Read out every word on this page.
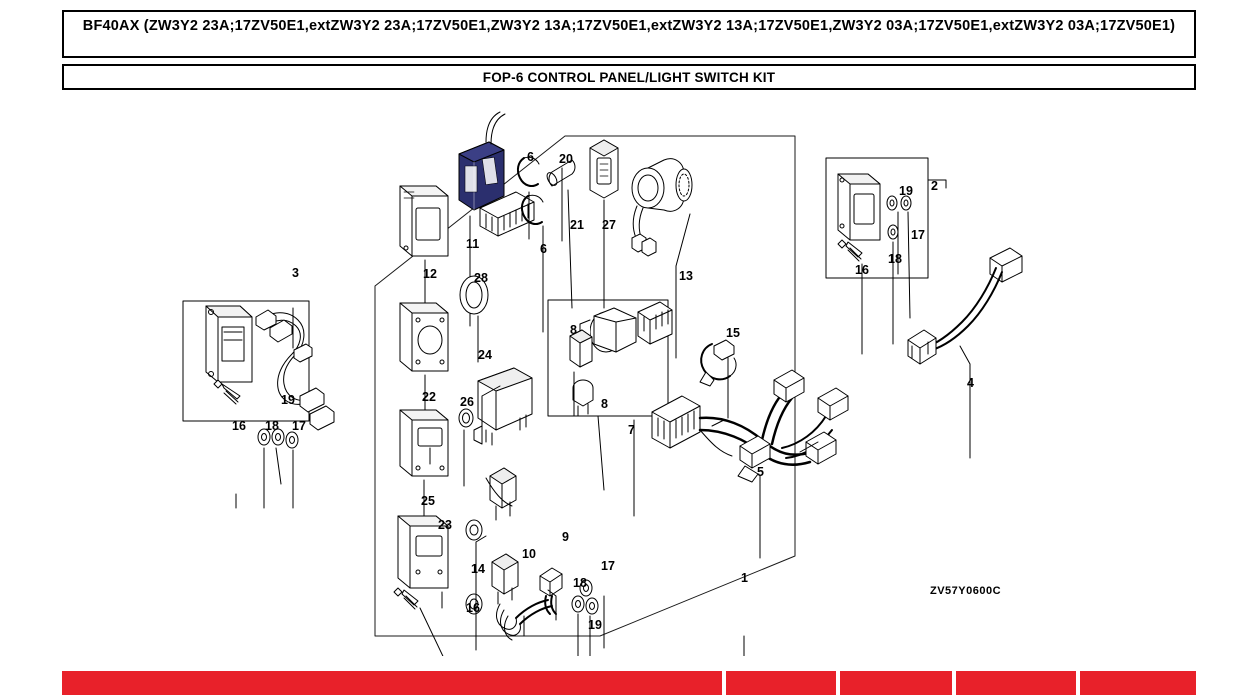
BF40AX (ZW3Y2 23A;17ZV50E1,extZW3Y2 23A;17ZV50E1,ZW3Y2 13A;17ZV50E1,extZW3Y2 13A;17ZV50E1,ZW3Y2 03A;17ZV50E1,extZW3Y2 03A;17ZV50E1)
FOP-6 CONTROL PANEL/LIGHT SWITCH KIT
3
16 18
19
17
12
11
6
6
20
21 27
13
2
19
17
18
16
28
22
24
26
8
8
7
15
4
5
25
23
14
10
9
17
18
19
16
1
ZV57Y0600C
